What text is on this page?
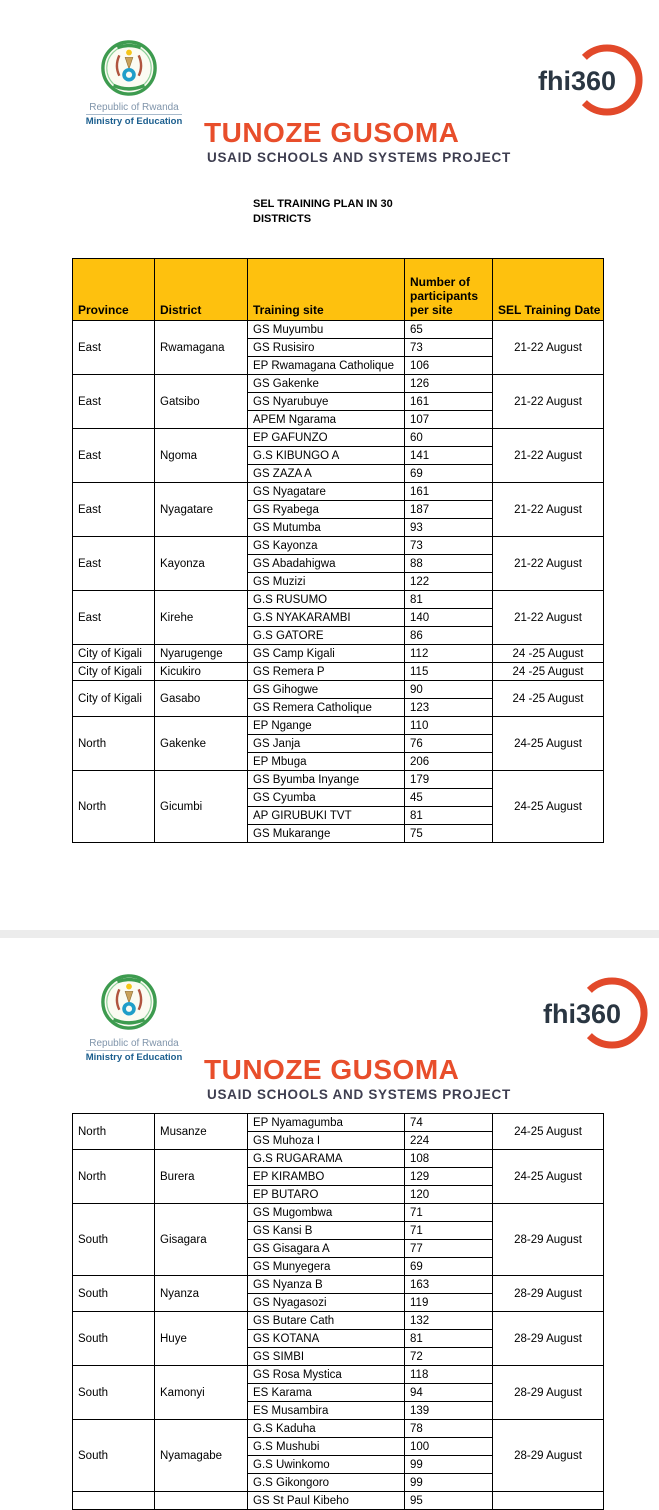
Republic of Rwanda
Ministry of Education
fhi360
TUNOZE GUSOMA
USAID SCHOOLS AND SYSTEMS PROJECT
SEL TRAINING PLAN IN 30
DISTRICTS
Province	District	Training site	Number of participants per site	SEL Training Date
East	Rwamagana	GS Muyumbu	65	21-22 August
		GS Rusisiro	73	
		EP Rwamagana Catholique	106	
East	Gatsibo	GS Gakenke	126	21-22 August
		GS Nyarubuye	161	
		APEM Ngarama	107	
East	Ngoma	EP GAFUNZO	60	21-22 August
		G.S KIBUNGO A	141	
		GS ZAZA A	69	
East	Nyagatare	GS Nyagatare	161	21-22 August
		GS Ryabega	187	
		GS Mutumba	93	
East	Kayonza	GS Kayonza	73	21-22 August
		GS Abadahigwa	88	
		GS Muzizi	122	
East	Kirehe	G.S RUSUMO	81	21-22 August
		G.S NYAKARAMBI	140	
		G.S GATORE	86	
City of Kigali	Nyarugenge	GS Camp Kigali	112	24 -25 August
City of Kigali	Kicukiro	GS Remera P	115	24 -25 August
City of Kigali	Gasabo	GS Gihogwe	90	24 -25 August
		GS Remera Catholique	123	
North	Gakenke	EP Ngange	110	24-25 August
		GS Janja	76	
		EP Mbuga	206	
North	Gicumbi	GS Byumba Inyange	179	24-25 August
		GS Cyumba	45	
		AP GIRUBUKI TVT	81	
		GS Mukarange	75	
Republic of Rwanda
Ministry of Education
fhi360
TUNOZE GUSOMA
USAID SCHOOLS AND SYSTEMS PROJECT
North	Musanze	EP Nyamagumba	74	24-25 August
		GS Muhoza I	224	
North	Burera	G.S RUGARAMA	108	24-25 August
		EP KIRAMBO	129	
		EP BUTARO	120	
South	Gisagara	GS Mugombwa	71	28-29 August
		GS Kansi B	71	
		GS Gisagara A	77	
		GS Munyegera	69	
South	Nyanza	GS Nyanza B	163	28-29 August
		GS Nyagasozi	119	
South	Huye	GS Butare Cath	132	28-29 August
		GS KOTANA	81	
		GS SIMBI	72	
South	Kamonyi	GS Rosa Mystica	118	28-29 August
		ES Karama	94	
		ES Musambira	139	
South	Nyamagabe	G.S Kaduha	78	28-29 August
		G.S Mushubi	100	
		G.S Uwinkomo	99	
		G.S Gikongoro	99	
		GS St Paul Kibeho	95	
